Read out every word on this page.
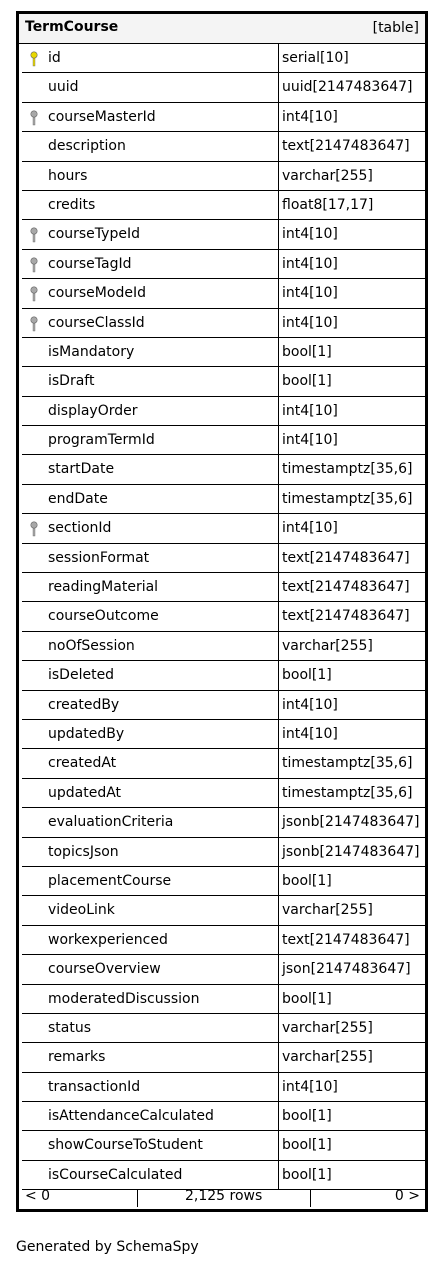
TermCourse	[table]
id	serial[10]
uuid	uuid[2147483647]
courseMasterId	int4[10]
description	text[2147483647]
hours	varchar[255]
credits	float8[17,17]
courseTypeId	int4[10]
courseTagId	int4[10]
courseModeId	int4[10]
courseClassId	int4[10]
isMandatory	bool[1]
isDraft	bool[1]
displayOrder	int4[10]
programTermId	int4[10]
startDate	timestamptz[35,6]
endDate	timestamptz[35,6]
sectionId	int4[10]
sessionFormat	text[2147483647]
readingMaterial	text[2147483647]
courseOutcome	text[2147483647]
noOfSession	varchar[255]
isDeleted	bool[1]
createdBy	int4[10]
updatedBy	int4[10]
createdAt	timestamptz[35,6]
updatedAt	timestamptz[35,6]
evaluationCriteria	jsonb[2147483647]
topicsJson	jsonb[2147483647]
placementCourse	bool[1]
videoLink	varchar[255]
workexperienced	text[2147483647]
courseOverview	json[2147483647]
moderatedDiscussion	bool[1]
status	varchar[255]
remarks	varchar[255]
transactionId	int4[10]
isAttendanceCalculated	bool[1]
showCourseToStudent	bool[1]
isCourseCalculated	bool[1]
< 0	2,125 rows	0 >
Generated by SchemaSpy
